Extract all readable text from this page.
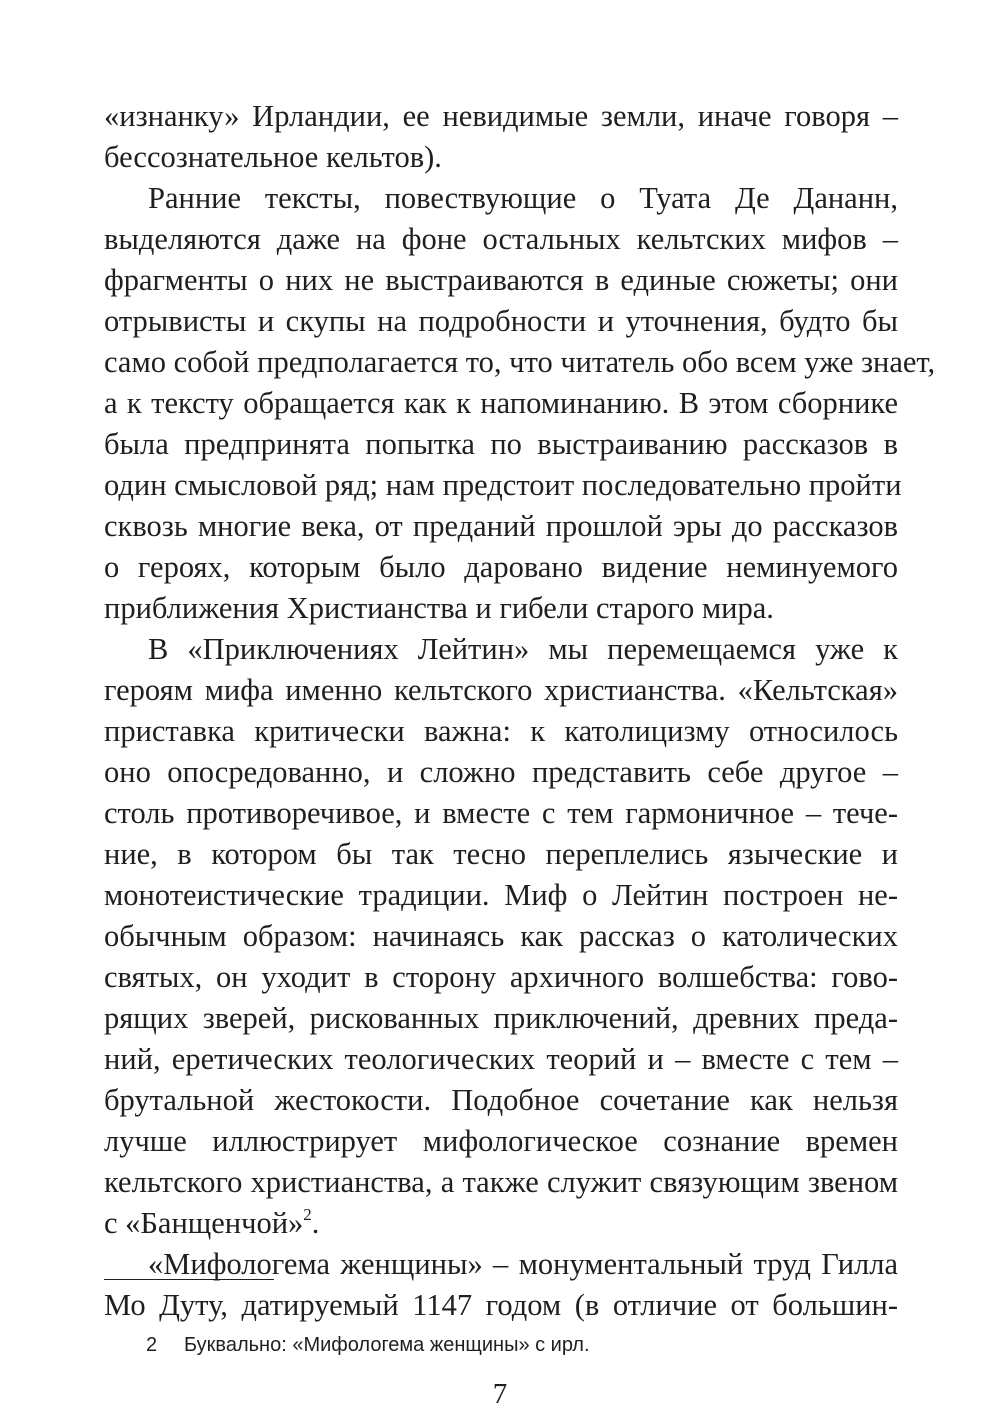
«изнанку» Ирландии, ее невидимые земли, иначе говоря –
бессознательное кельтов).
Ранние тексты, повествующие о Туата Де Дананн,
выделяются даже на фоне остальных кельтских мифов –
фрагменты о них не выстраиваются в единые сюжеты; они
отрывисты и скупы на подробности и уточнения, будто бы
само собой предполагается то, что читатель обо всем уже знает,
а к тексту обращается как к напоминанию. В этом сборнике
была предпринята попытка по выстраиванию рассказов в
один смысловой ряд; нам предстоит последовательно пройти
сквозь многие века, от преданий прошлой эры до рассказов
о героях, которым было даровано видение неминуемого
приближения Христианства и гибели старого мира.
В «Приключениях Лейтин» мы перемещаемся уже к
героям мифа именно кельтского христианства. «Кельтская»
приставка критически важна: к католицизму относилось
оно опосредованно, и сложно представить себе другое –
столь противоречивое, и вместе с тем гармоничное – тече-
ние, в котором бы так тесно переплелись языческие и
монотеистические традиции. Миф о Лейтин построен не-
обычным образом: начинаясь как рассказ о католических
святых, он уходит в сторону архичного волшебства: гово-
рящих зверей, рискованных приключений, древних преда-
ний, еретических теологических теорий и – вместе с тем –
брутальной жестокости. Подобное сочетание как нельзя
лучше иллюстрирует мифологическое сознание времен
кельтского христианства, а также служит связующим звеном
с «Банщенчой»$^2$.
«Мифологема женщины» – монументальный труд Гилла
Мо Дуту, датируемый 1147 годом (в отличие от большин-
2 Буквально: «Мифологема женщины» с ирл.
7
